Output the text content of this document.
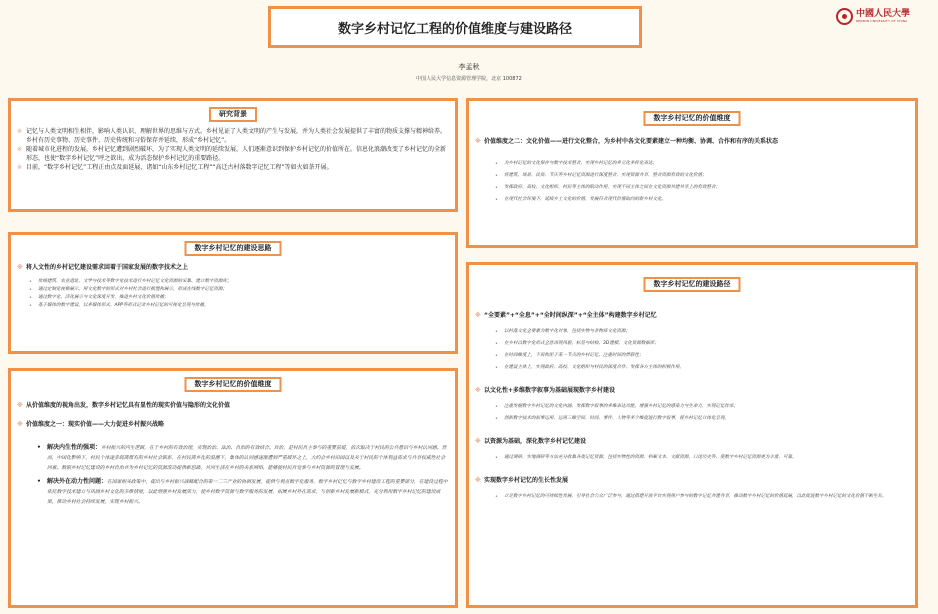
数字乡村记忆工程的价值维度与建设路径
中國人民大學
RENMIN UNIVERSITY OF CHINA
李孟秋
中国人民大学信息资源管理学院，北京 100872
研究背景
※ 记忆与人类文明相生相伴，影响人类认识、理解世界的思维与方式。乡村见证了人类文明的产生与发展，并为人类社会发展提供了丰富的物质支撑与精神给养。乡村有历史事物、历史事件、历史传统和习俗保存并延续，形成“乡村记忆”。
※ 随着城市化进程的发展，乡村记忆遭到剧烈破坏，为了实现人类文明的延续发展，人们逐渐意识到保护乡村记忆的价值所在。信息化浪潮改变了乡村记忆的全新形态，也使“数字乡村记忆”呼之欲出，成为活态保护乡村记忆的重要路径。
※ 目前，“数字乡村记忆”工程正由点及面延展，诸如“山东乡村记忆工程”“高迁古村落数字记忆工程”等如火如荼开展。
数字乡村记忆的建设思路
※ 将人文性的乡村记忆建设需求回着于国家发展的数字技术之上
• 传统建筑、农业遗址、文学与技术等数字化技术进行乡村记忆文化资源的采集、建立数字资源库；
• 通过定制化视频展示，用文化数字的形式对乡村社会进行梳理和展示，形成在线数字记忆资源；
• 通过数字化、活化展示与文化深度开发，推进乡村文化价值传播；
• 基于媒体的数字建设，以多媒体形式、APP等形式记录乡村记忆的可视化呈现与传播。
数字乡村记忆的价值维度
※ 从价值维度的视角出发，数字乡村记忆具有显性的现实价值与隐形的文化价值
※ 价值维度之一：现实价值——大力促进乡村振兴战略
• 解决内生性的强项：乡村振兴的内生逻辑，在于乡村的有效治理，实现治治、法治、自治的有效结合。自治，是村民自主参与的重要前提，依次取决于村民的公共意识与乡村认同感。然而，中国化影响下，村民个体逐步疏离原有的乡村社会联系，在村民离乡化的浪潮下，集体的认同感逐渐遭到严重破坏之上，大约会乡村田园以及关于村民的个体利益需求与共享权威性社会同素。数联乡村记忆建设的乡村自治并为乡村记忆的资源流动提供新思路，共同生活在乡村的关系网络，能够使村民自觉参与乡村资源的管理与发展。
• 解决外在动力性问题：在国家相关政策中，提出与乡村振兴战略配合的第一二三产业的协调发展，提供与观点数字化服务，数字乡村记忆与数字乡村建设工程的重要部分，在建设过程中依托数字技术建立与巩固乡村文化的多维情境，以此增强乡村发展活力，使乡村数字资源与数字服务的发展，拓展乡村外在需求，与创新乡村发展新模式，充分利用数字乡村记忆的建设成果，推动乡村社会持续发展，实现乡村振兴。
数字乡村记忆的价值维度
※ 价值维度之二：文化价值——进行文化整合，为乡村中各文化要素建立一种均衡、协调、合作和有序的关系状态
• 为乡村记忆的文化保存与数字技术整合，实现乡村记忆的多元化多样化表达；
• 将建筑、场景、民俗、节庆等乡村记忆资源进行深度整合，实现资源共享、整合资源有效的文化价值；
• 发挥政府、高校、文化组织、村民等主体的联动作用，实现不同主体之间在文化资源共建共享上的有效整合；
• 在现代社会环境下，延续乡土文化的价值，发展符合现代价值取向的新乡村文化。
数字乡村记忆的建设路径
※ “全要素”+“全息”+“全时间纵深”+“全主体”构建数字乡村记忆
• 以村落文化全要素为数字化对象，包括实物与非物质文化资源；
• 在乡村以数字化形式全息再现风貌、标签与结构、3D建模、文化资源数据库；
• 在时间维度上，不再拘泥于某一节点的乡村记忆，注重时间的贯联性；
• 在建设主体上，实现政府、高校、文化组织与村民的深度合作，发挥各方主体的积极作用。
※ 以文化性+多维数字叙事为基础展现数字乡村建设
• 注重发掘数字乡村记忆的文化内涵，发挥数字叙事的多维表达功能，增强乡村记忆的感染力与生命力，实现记忆传承；
• 创新数字技术的叙事运用，运用三维空间、时间、事件、人物等多个维度进行数字叙事，使乡村记忆立体化呈现。
※ 以资源为基础，深化数字乡村记忆建设
• 通过调研、实地调研等方法充分收集各类记忆资源，包括实物性的资源、档案文本、文献资源，口述历史等，使数字乡村记忆资源更为丰富、可靠。
※ 实现数字乡村记忆的生长性发展
• 立足数字乡村记忆的可持续性发展，引导社会公众广泛参与，通过搭建开放平台实现用户参与的数字记忆共建共享，推动数字乡村记忆的价值延展，以此促进数字乡村记忆的文化价值不断生长。
